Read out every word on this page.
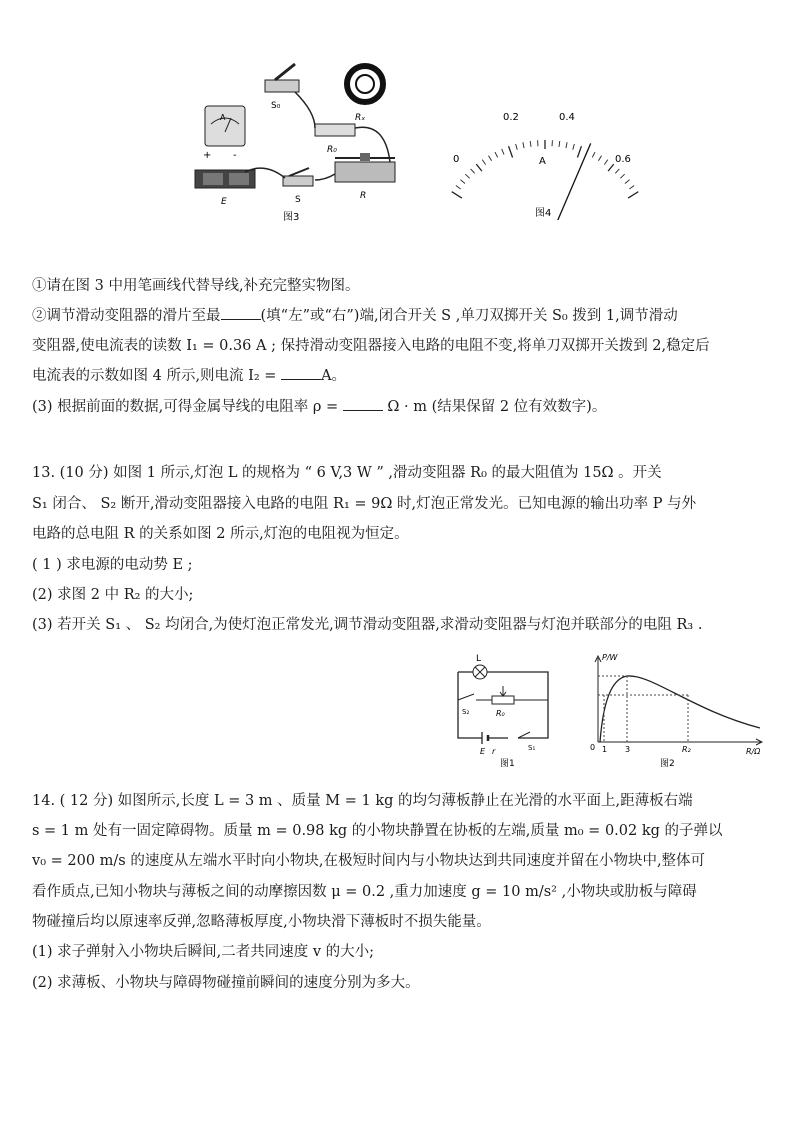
A
+ -
S₀
Rₓ
R₀
R
E	S
图3
0
0.2	0.4
0.6
A
图4
①请在图 3 中用笔画线代替导线,补充完整实物图。
②调节滑动变阻器的滑片至最	(填“左”或“右”)端,闭合开关 S ,单刀双掷开关 S₀ 拨到 1,调节滑动
变阻器,使电流表的读数 I₁ = 0.36 A ; 保持滑动变阻器接入电路的电阻不变,将单刀双掷开关拨到 2,稳定后
电流表的示数如图 4 所示,则电流 I₂ =	A。
(3) 根据前面的数据,可得金属导线的电阻率 ρ =	Ω · m (结果保留 2 位有效数字)。
13. (10 分) 如图 1 所示,灯泡 L 的规格为 “ 6 V,3 W ” ,滑动变阻器 R₀ 的最大阻值为 15Ω 。开关
S₁ 闭合、 S₂ 断开,滑动变阻器接入电路的电阻 R₁ = 9Ω 时,灯泡正常发光。已知电源的输出功率 P 与外
电路的总电阻 R 的关系如图 2 所示,灯泡的电阻视为恒定。
( 1 ) 求电源的电动势 E ;
(2) 求图 2 中 R₂ 的大小;
(3) 若开关 S₁ 、 S₂ 均闭合,为使灯泡正常发光,调节滑动变阻器,求滑动变阻器与灯泡并联部分的电阻 R₃ .
L
S₂	R₀
E r	S₁
图1
P/W
R/Ω
0 1 3	R₂
图2
14. ( 12 分) 如图所示,长度 L = 3 m 、质量 M = 1 kg 的均匀薄板静止在光滑的水平面上,距薄板右端
s = 1 m 处有一固定障碍物。质量 m = 0.98 kg 的小物块静置在协板的左端,质量 m₀ = 0.02 kg 的子弹以
v₀ = 200 m/s 的速度从左端水平时向小物块,在极短时间内与小物块达到共同速度并留在小物块中,整体可
看作质点,已知小物块与薄板之间的动摩擦因数 μ = 0.2 ,重力加速度 g = 10 m/s² ,小物块或肋板与障碍
物碰撞后均以原速率反弹,忽略薄板厚度,小物块滑下薄板时不损失能量。
(1) 求子弹射入小物块后瞬间,二者共同速度 v 的大小;
(2) 求薄板、小物块与障碍物碰撞前瞬间的速度分别为多大。
